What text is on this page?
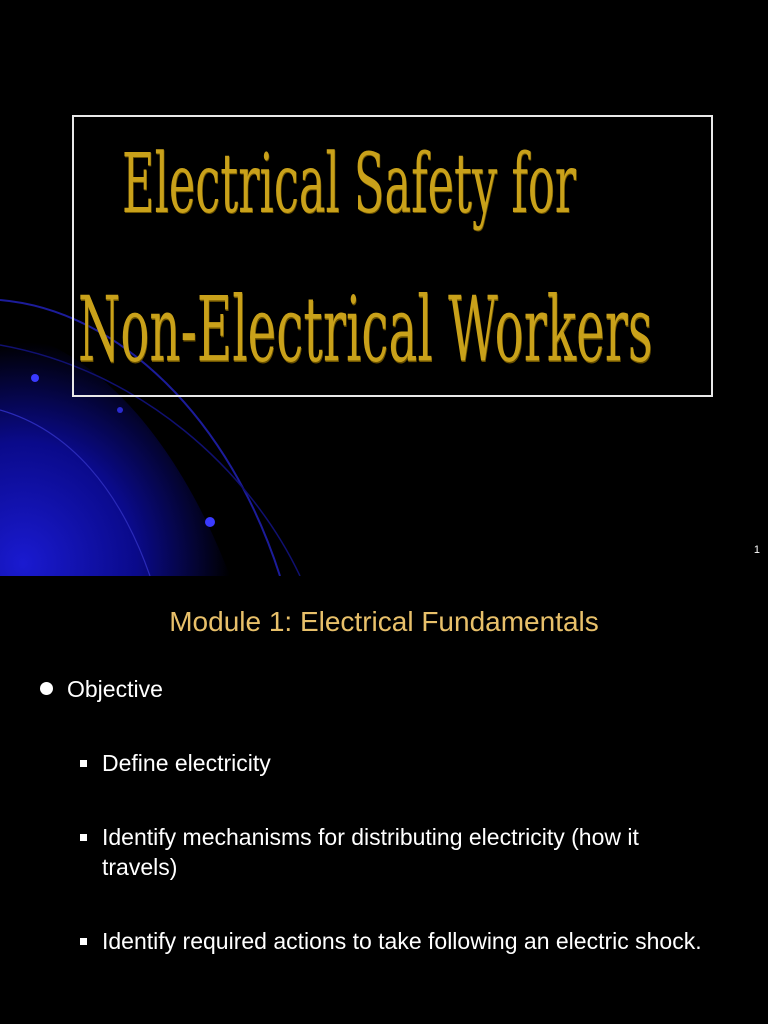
Electrical Safety for
Non-Electrical Workers
1
Module 1: Electrical Fundamentals
Objective
Define electricity
Identify mechanisms for distributing electricity (how it travels)
Identify required actions to take following an electric shock.
